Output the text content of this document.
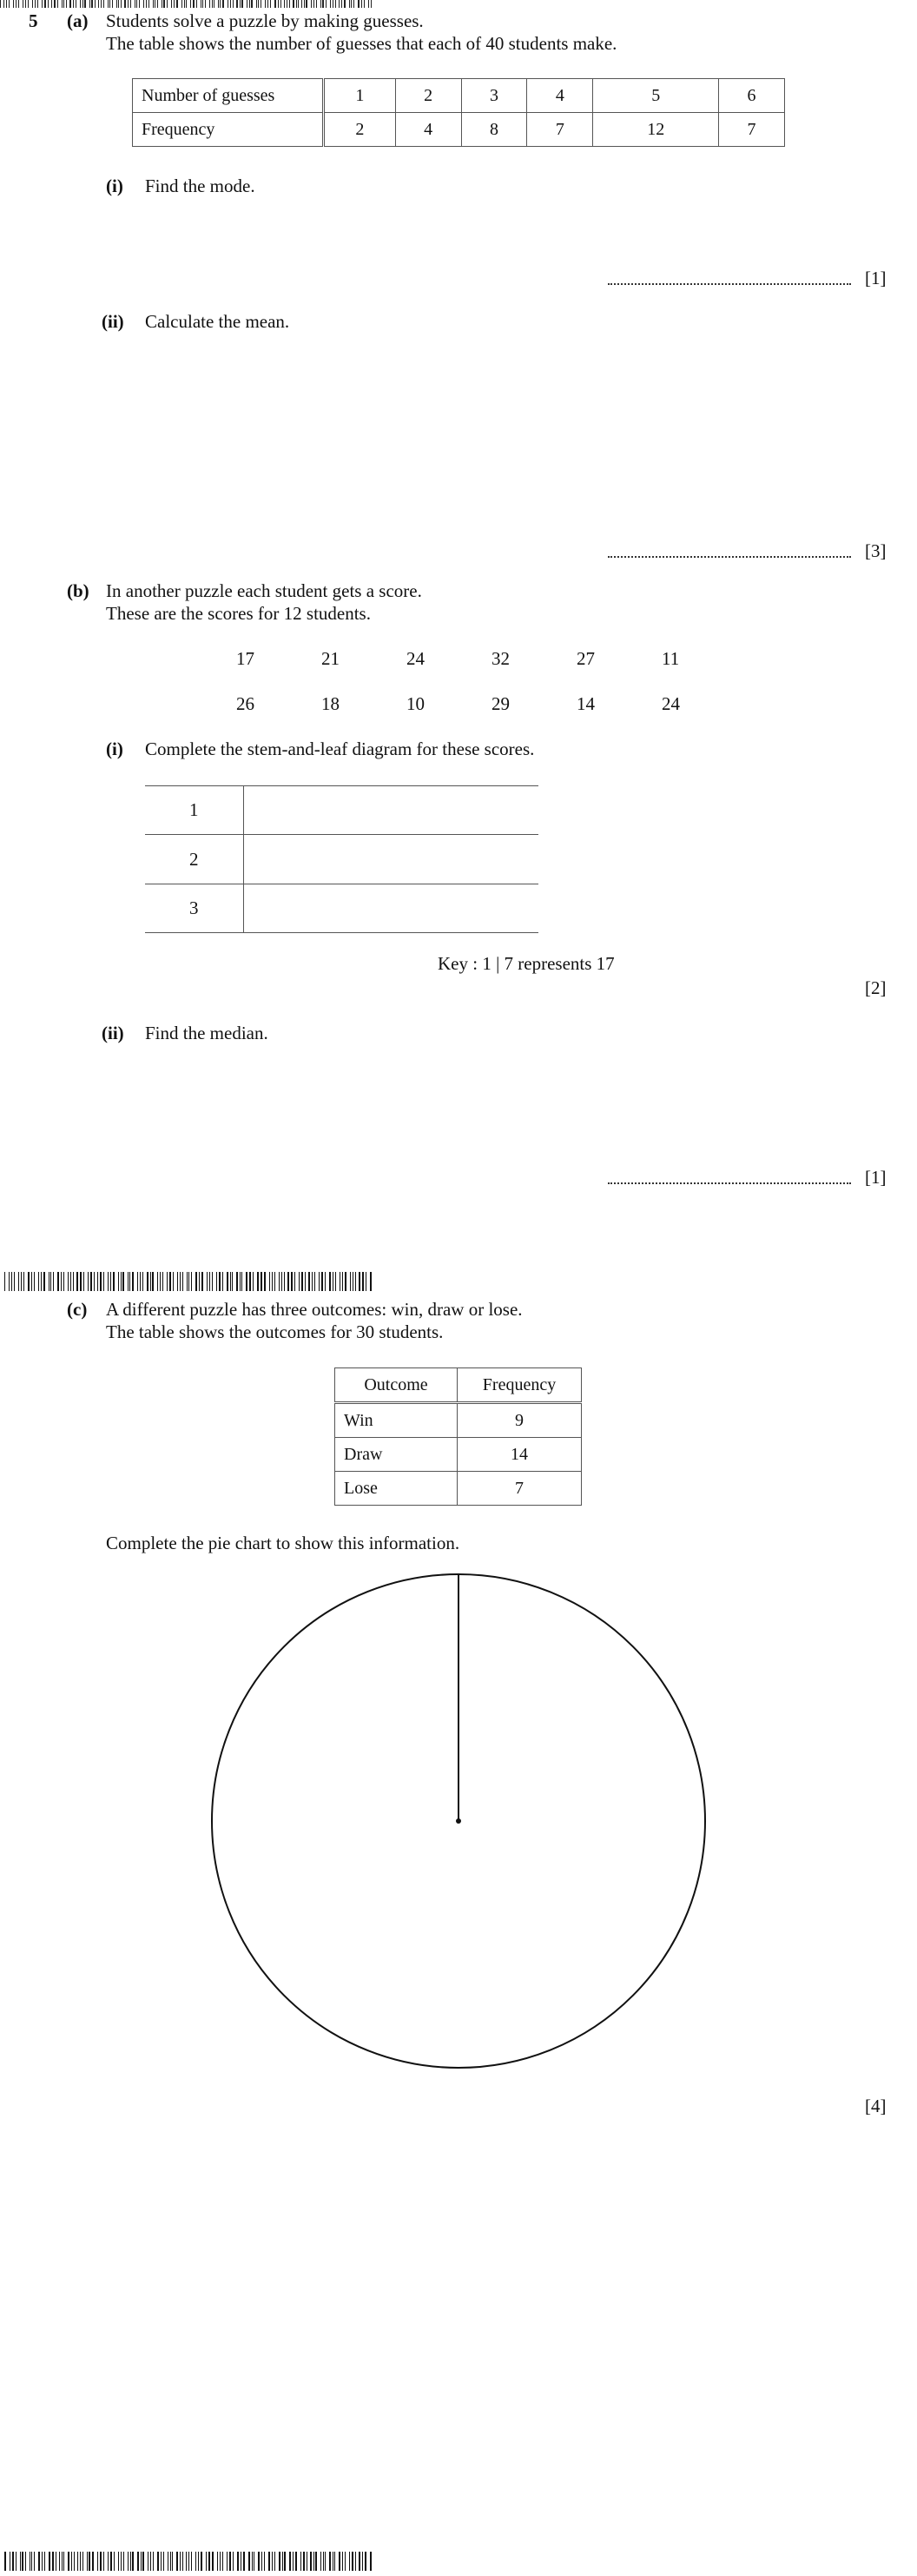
5 (a) Students solve a puzzle by making guesses.
The table shows the number of guesses that each of 40 students make.
Number of guesses	1	2	3	4	5	6
Frequency	2	4	8	7	12	7
(i) Find the mode.
[1]
(ii) Calculate the mean.
[3]
(b) In another puzzle each student gets a score.
These are the scores for 12 students.
17	21	24	32	27	11
26	18	10	29	14	24
(i) Complete the stem-and-leaf diagram for these scores.
1
2
3
Key : 1 | 7 represents 17
[2]
(ii) Find the median.
[1]
(c) A different puzzle has three outcomes: win, draw or lose.
The table shows the outcomes for 30 students.
Outcome	Frequency
Win	9
Draw	14
Lose	7
Complete the pie chart to show this information.
[4]
